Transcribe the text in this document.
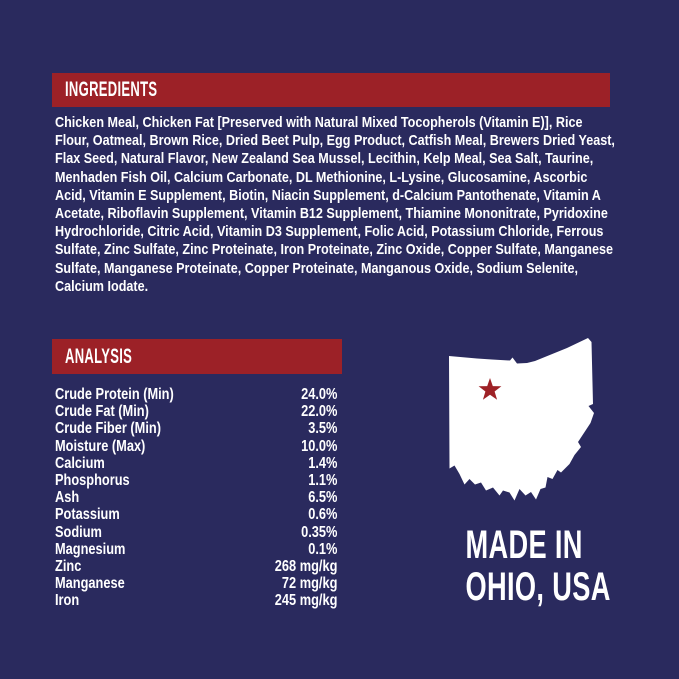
INGREDIENTS

Chicken Meal, Chicken Fat [Preserved with Natural Mixed Tocopherols (Vitamin E)], Rice Flour, Oatmeal, Brown Rice, Dried Beet Pulp, Egg Product, Catfish Meal, Brewers Dried Yeast, Flax Seed, Natural Flavor, New Zealand Sea Mussel, Lecithin, Kelp Meal, Sea Salt, Taurine, Menhaden Fish Oil, Calcium Carbonate, DL Methionine, L-Lysine, Glucosamine, Ascorbic Acid, Vitamin E Supplement, Biotin, Niacin Supplement, d-Calcium Pantothenate, Vitamin A Acetate, Riboflavin Supplement, Vitamin B12 Supplement, Thiamine Mononitrate, Pyridoxine Hydrochloride, Citric Acid, Vitamin D3 Supplement, Folic Acid, Potassium Chloride, Ferrous Sulfate, Zinc Sulfate, Zinc Proteinate, Iron Proteinate, Zinc Oxide, Copper Sulfate, Manganese Sulfate, Manganese Proteinate, Copper Proteinate, Manganous Oxide, Sodium Selenite, Calcium Iodate.

ANALYSIS
Crude Protein (Min)	24.0%
Crude Fat (Min)	22.0%
Crude Fiber (Min)	3.5%
Moisture (Max)	10.0%
Calcium	1.4%
Phosphorus	1.1%
Ash	6.5%
Potassium	0.6%
Sodium	0.35%
Magnesium	0.1%
Zinc	268 mg/kg
Manganese	72 mg/kg
Iron	245 mg/kg
MADE IN
OHIO, USA
